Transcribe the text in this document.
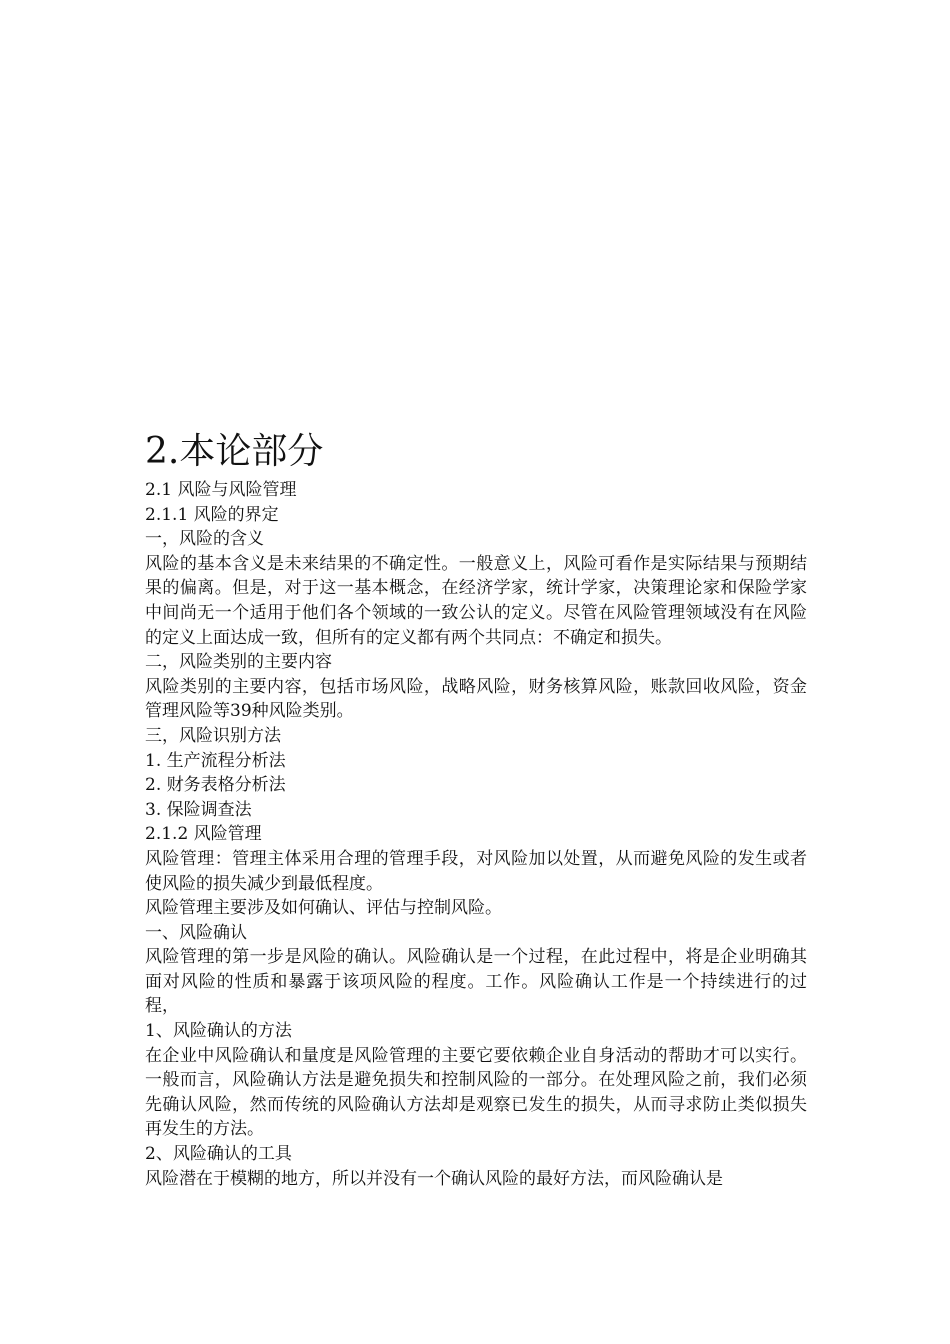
2.本论部分
2.1 风险与风险管理
2.1.1 风险的界定
一，风险的含义

风险的基本含义是未来结果的不确定性。一般意义上，风险可看作是实际结果与预期结果的偏离。但是，对于这一基本概念，在经济学家，统计学家，决策理论家和保险学家中间尚无一个适用于他们各个领域的一致公认的定义。尽管在风险管理领域没有在风险的定义上面达成一致，但所有的定义都有两个共同点：不确定和损失。

二，风险类别的主要内容

风险类别的主要内容，包括市场风险，战略风险，财务核算风险，账款回收风险，资金管理风险等39种风险类别。

三，风险识别方法
1. 生产流程分析法
2. 财务表格分析法
3. 保险调查法
2.1.2 风险管理

风险管理：管理主体采用合理的管理手段，对风险加以处置，从而避免风险的发生或者使风险的损失减少到最低程度。

风险管理主要涉及如何确认、评估与控制风险。
一、风险确认

风险管理的第一步是风险的确认。风险确认是一个过程，在此过程中，将是企业明确其面对风险的性质和暴露于该项风险的程度。工作。风险确认工作是一个持续进行的过程，

1、风险确认的方法

在企业中风险确认和量度是风险管理的主要它要依赖企业自身活动的帮助才可以实行。一般而言，风险确认方法是避免损失和控制风险的一部分。在处理风险之前，我们必须先确认风险，然而传统的风险确认方法却是观察已发生的损失，从而寻求防止类似损失再发生的方法。

2、风险确认的工具
风险潜在于模糊的地方，所以并没有一个确认风险的最好方法，而风险确认是
